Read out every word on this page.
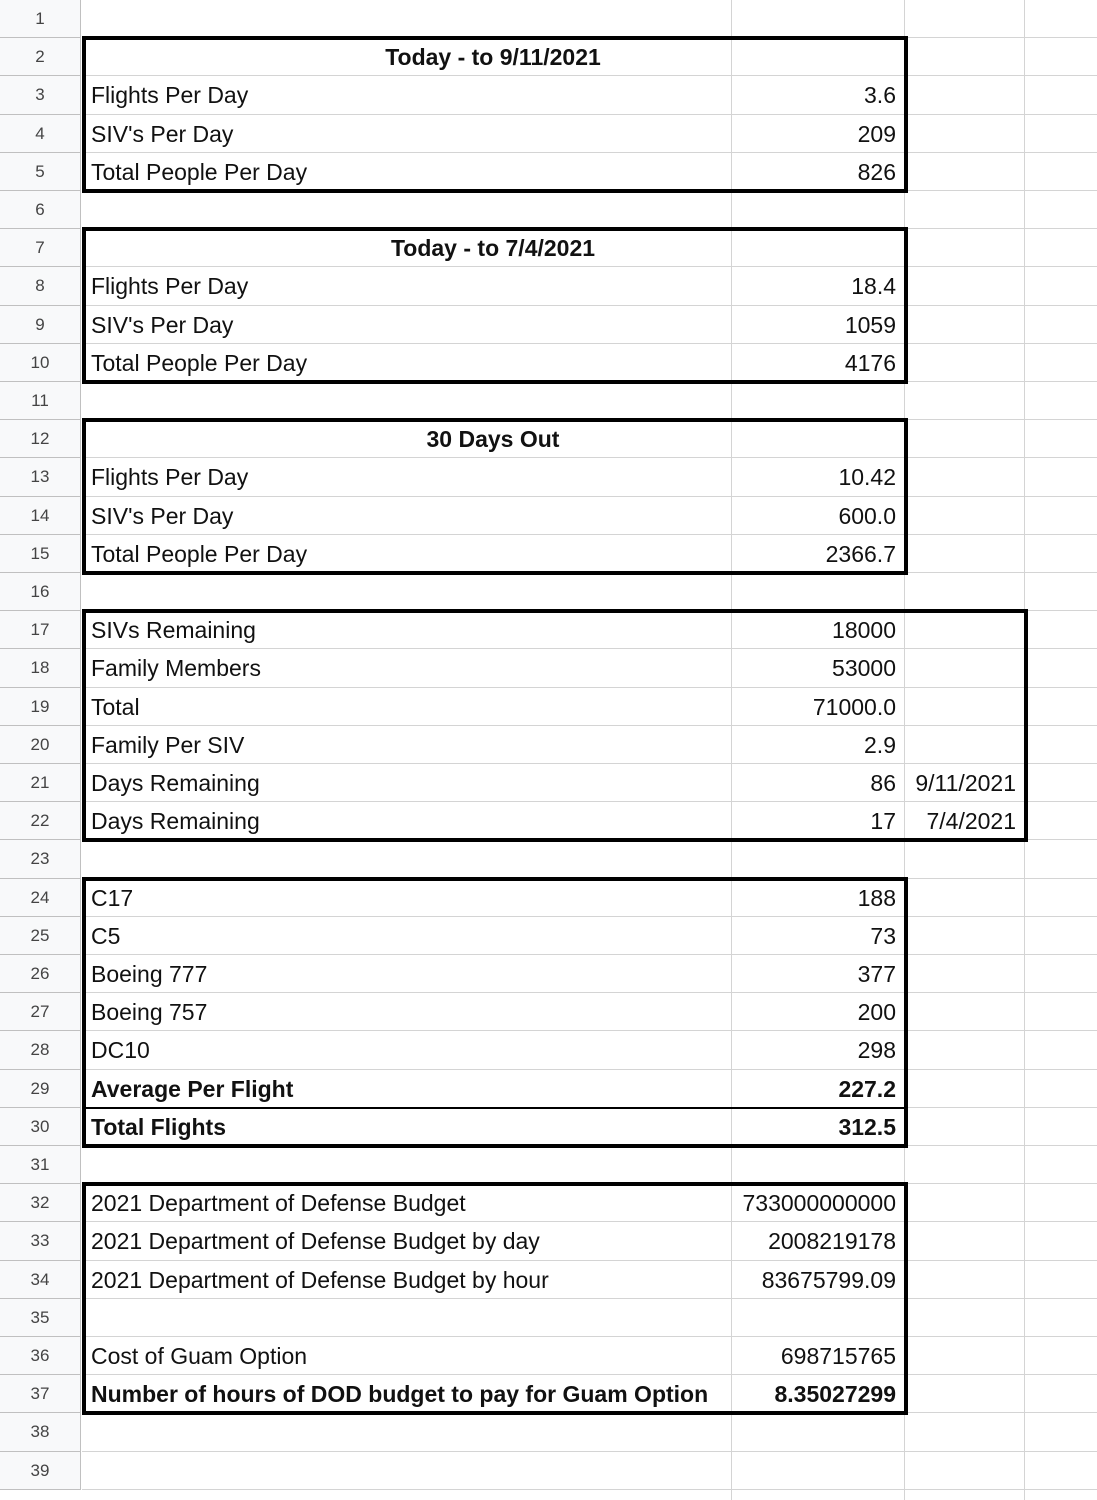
1
2	Today - to 9/11/2021
3	Flights Per Day	3.6
4	SIV's Per Day	209
5	Total People Per Day	826
6
7	Today - to 7/4/2021
8	Flights Per Day	18.4
9	SIV's Per Day	1059
10	Total People Per Day	4176
11
12	30 Days Out
13	Flights Per Day	10.42
14	SIV's Per Day	600.0
15	Total People Per Day	2366.7
16
17	SIVs Remaining	18000
18	Family Members	53000
19	Total	71000.0
20	Family Per SIV	2.9
21	Days Remaining	86 9/11/2021
22	Days Remaining	17	7/4/2021
23
24	C17	188
25	C5	73
26	Boeing 777	377
27	Boeing 757	200
28	DC10	298
29	Average Per Flight	227.2
30	Total Flights	312.5
31
32	2021 Department of Defense Budget	733000000000
33	2021 Department of Defense Budget by day	2008219178
34	2021 Department of Defense Budget by hour	83675799.09
35
36	Cost of Guam Option	698715765
37	Number of hours of DOD budget to pay for Guam Option	8.35027299
38
39
